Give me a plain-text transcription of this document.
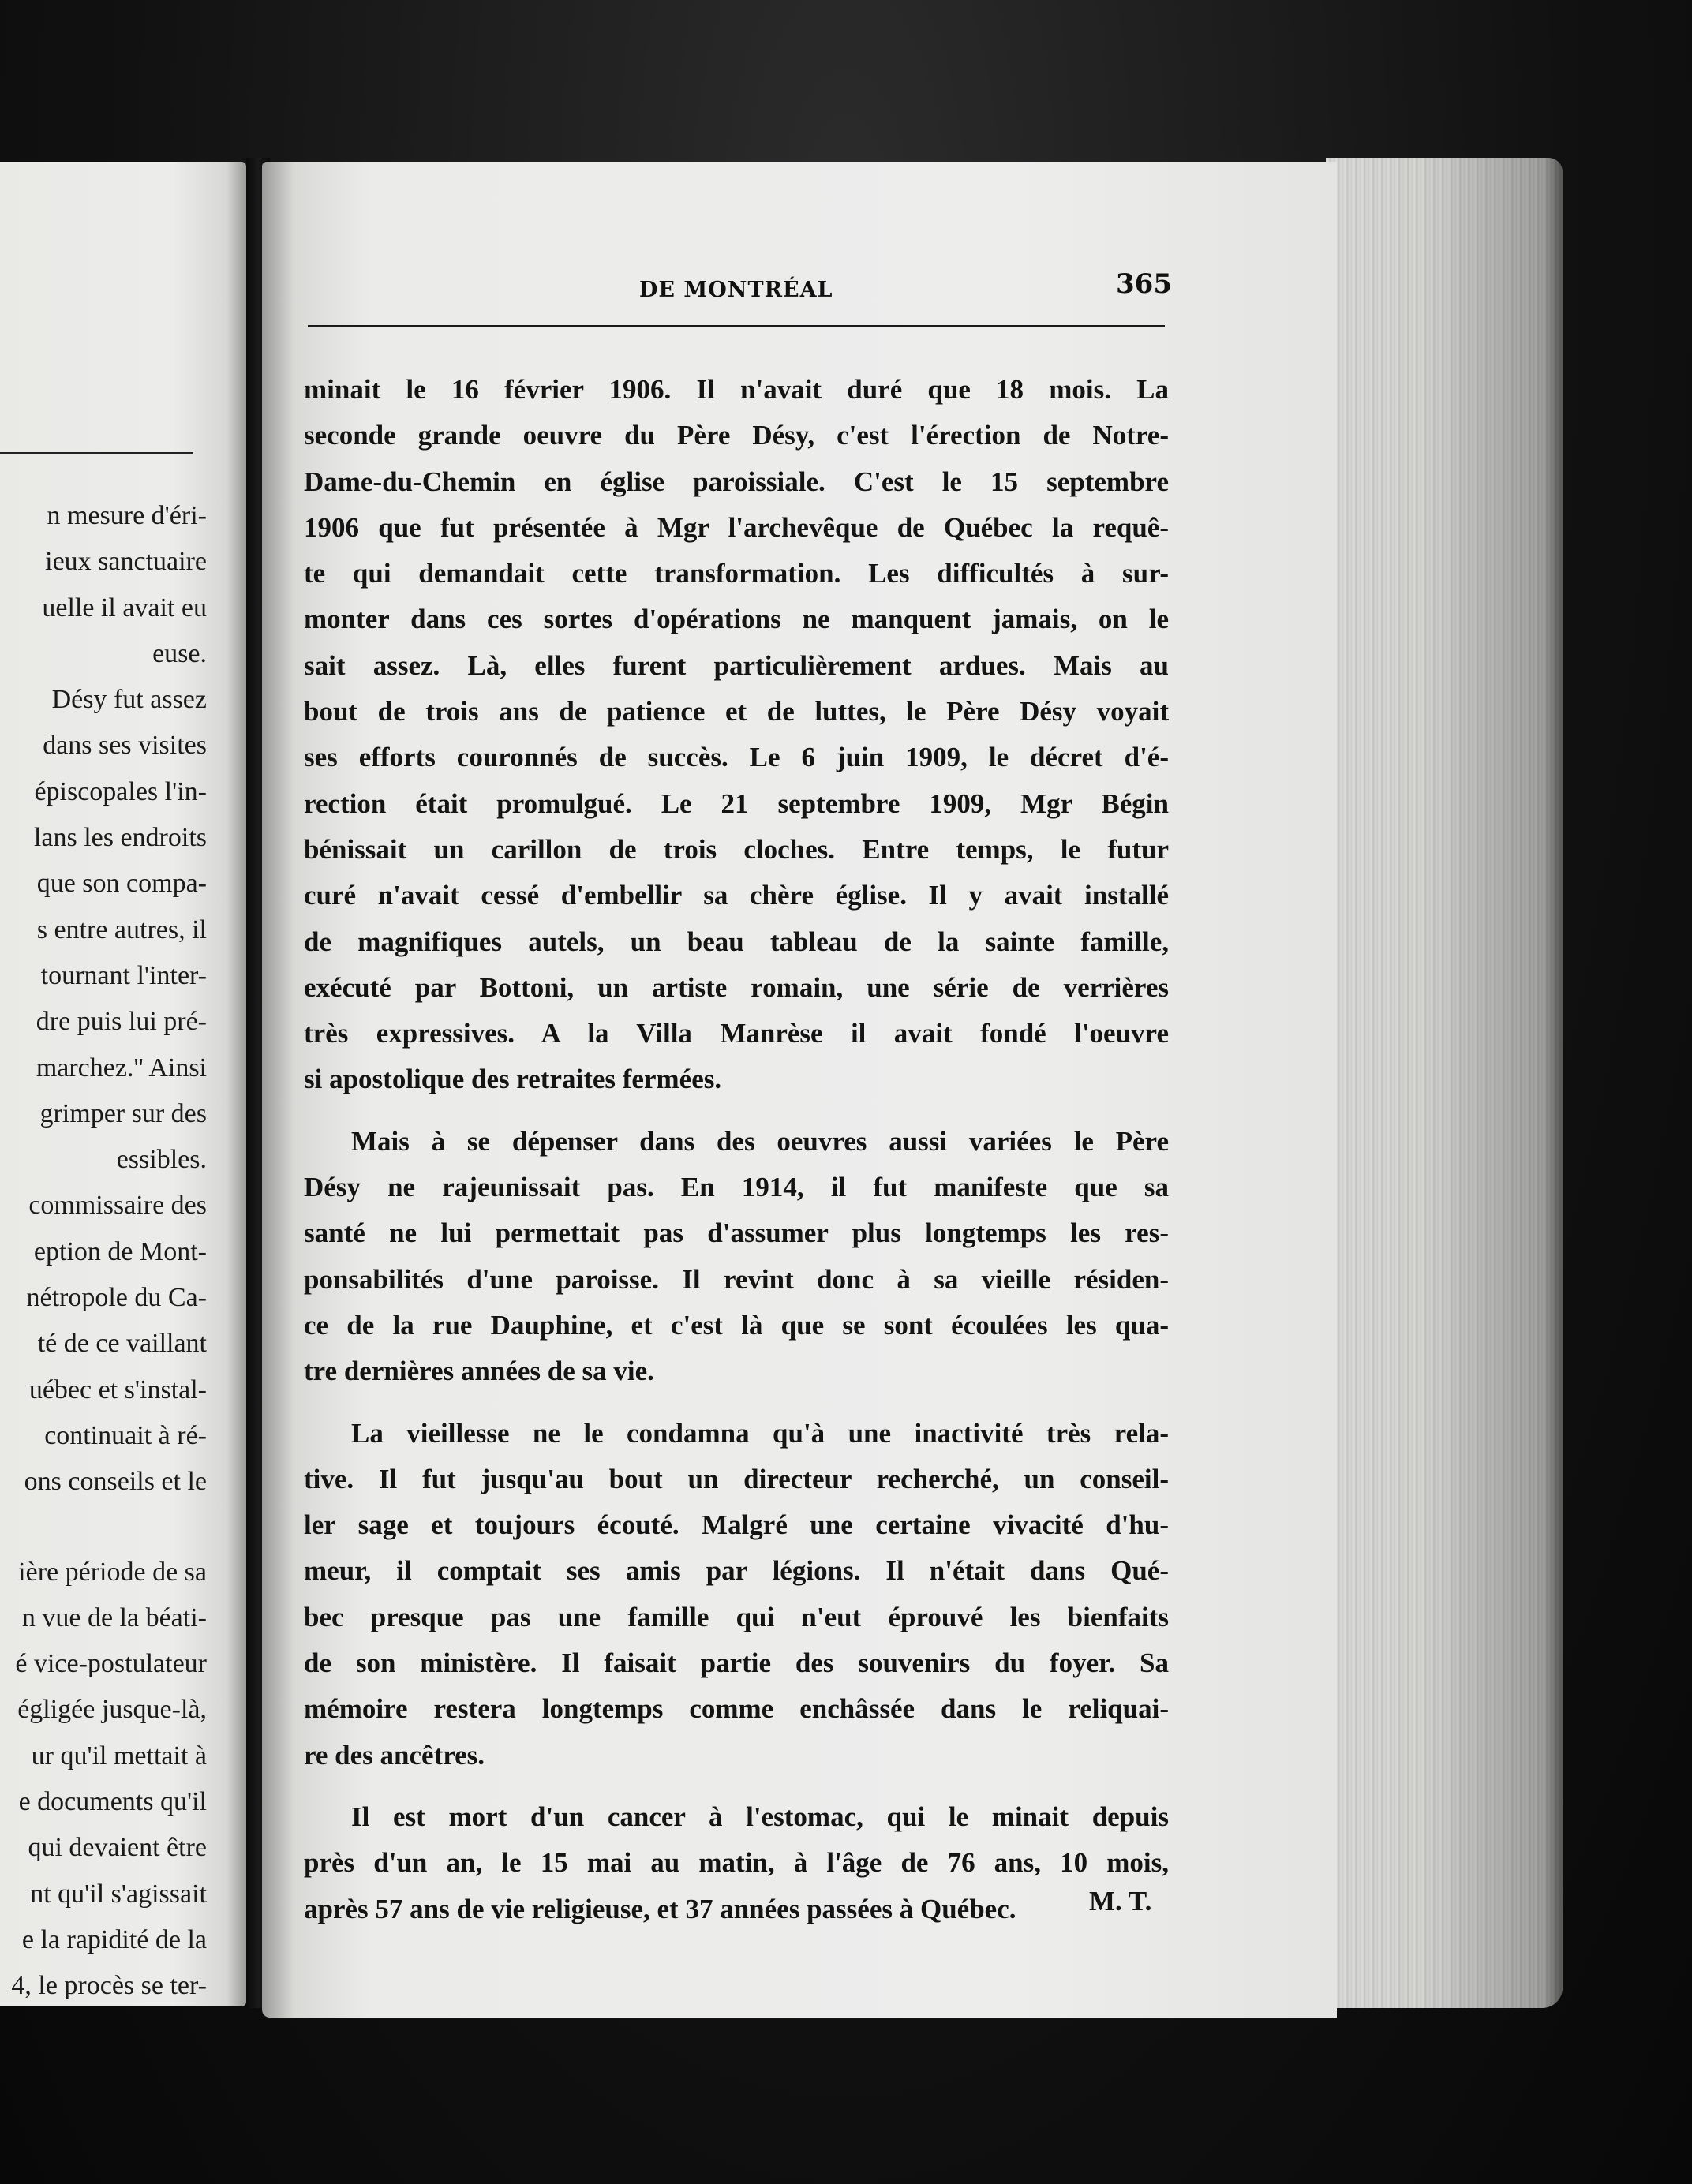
n mesure d'éri-
ieux sanctuaire
uelle il avait eu
euse.
Désy fut assez
dans ses visites
épiscopales l'in-
lans les endroits
que son compa-
s entre autres, il
tournant l'inter-
dre puis lui pré-
marchez.'' Ainsi
grimper sur des
essibles.
commissaire des
eption de Mont-
nétropole du Ca-
té de ce vaillant
uébec et s'instal-
continuait à ré-
ons conseils et le
ière période de sa
n vue de la béati-
é vice-postulateur
égligée jusque-là,
ur qu'il mettait à
e documents qu'il
qui devaient être
nt qu'il s'agissait
e la rapidité de la
4, le procès se ter-
DE MONTRÉAL	365
minait le 16 février 1906. Il n'avait duré que 18 mois. La
seconde grande oeuvre du Père Désy, c'est l'érection de Notre-
Dame-du-Chemin en église paroissiale. C'est le 15 septembre
1906 que fut présentée à Mgr l'archevêque de Québec la requê-
te qui demandait cette transformation. Les difficultés à sur-
monter dans ces sortes d'opérations ne manquent jamais, on le
sait assez. Là, elles furent particulièrement ardues. Mais au
bout de trois ans de patience et de luttes, le Père Désy voyait
ses efforts couronnés de succès. Le 6 juin 1909, le décret d'é-
rection était promulgué. Le 21 septembre 1909, Mgr Bégin
bénissait un carillon de trois cloches. Entre temps, le futur
curé n'avait cessé d'embellir sa chère église. Il y avait installé
de magnifiques autels, un beau tableau de la sainte famille,
exécuté par Bottoni, un artiste romain, une série de verrières
très expressives. A la Villa Manrèse il avait fondé l'oeuvre
si apostolique des retraites fermées.
Mais à se dépenser dans des oeuvres aussi variées le Père
Désy ne rajeunissait pas. En 1914, il fut manifeste que sa
santé ne lui permettait pas d'assumer plus longtemps les res-
ponsabilités d'une paroisse. Il revint donc à sa vieille résiden-
ce de la rue Dauphine, et c'est là que se sont écoulées les qua-
tre dernières années de sa vie.
La vieillesse ne le condamna qu'à une inactivité très rela-
tive. Il fut jusqu'au bout un directeur recherché, un conseil-
ler sage et toujours écouté. Malgré une certaine vivacité d'hu-
meur, il comptait ses amis par légions. Il n'était dans Qué-
bec presque pas une famille qui n'eut éprouvé les bienfaits
de son ministère. Il faisait partie des souvenirs du foyer. Sa
mémoire restera longtemps comme enchâssée dans le reliquai-
re des ancêtres.
Il est mort d'un cancer à l'estomac, qui le minait depuis
près d'un an, le 15 mai au matin, à l'âge de 76 ans, 10 mois,
après 57 ans de vie religieuse, et 37 années passées à Québec.	M. T.
